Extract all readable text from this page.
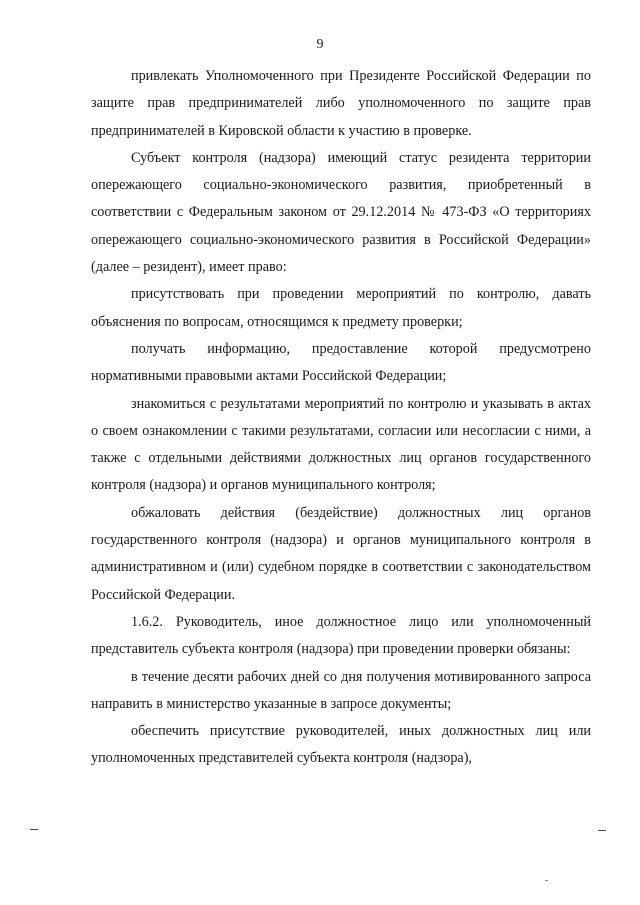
9

привлекать Уполномоченного при Президенте Российской Федерации по защите прав предпринимателей либо уполномоченного по защите прав предпринимателей в Кировской области к участию в проверке.

Субъект контроля (надзора) имеющий статус резидента территории опережающего социально-экономического развития, приобретенный в соответствии с Федеральным законом от 29.12.2014 № 473-ФЗ «О территориях опережающего социально-экономического развития в Российской Федерации» (далее – резидент), имеет право:

присутствовать при проведении мероприятий по контролю, давать объяснения по вопросам, относящимся к предмету проверки;

получать информацию, предоставление которой предусмотрено нормативными правовыми актами Российской Федерации;

знакомиться с результатами мероприятий по контролю и указывать в актах о своем ознакомлении с такими результатами, согласии или несогласии с ними, а также с отдельными действиями должностных лиц органов государственного контроля (надзора) и органов муниципального контроля;

обжаловать действия (бездействие) должностных лиц органов государственного контроля (надзора) и органов муниципального контроля в административном и (или) судебном порядке в соответствии с законодательством Российской Федерации.

1.6.2. Руководитель, иное должностное лицо или уполномоченный представитель субъекта контроля (надзора) при проведении проверки обязаны:

в течение десяти рабочих дней со дня получения мотивированного запроса направить в министерство указанные в запросе документы;

обеспечить присутствие руководителей, иных должностных лиц или уполномоченных представителей субъекта контроля (надзора),
